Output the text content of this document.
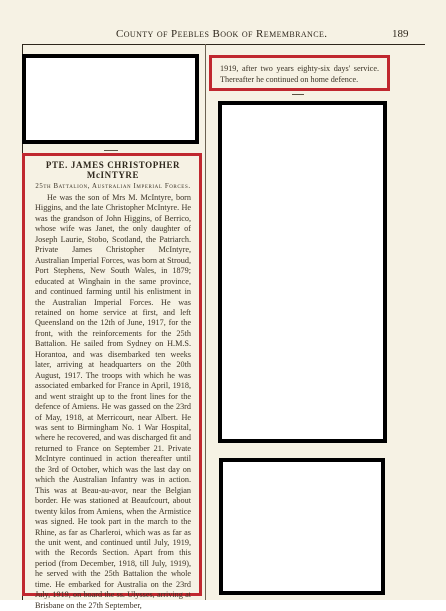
County of Peebles Book of Remembrance.	189
PTE. JAMES CHRISTOPHER McINTYRE
25th Battalion, Australian Imperial Forces.

He was the son of Mrs M. McIntyre, born Higgins, and the late Christopher McIntyre. He was the grandson of John Higgins, of Berrico, whose wife was Janet, the only daughter of Joseph Laurie, Stobo, Scotland, the Patriarch. Private James Christopher McIntyre, Australian Imperial Forces, was born at Stroud, Port Stephens, New South Wales, in 1879; educated at Winghain in the same province, and continued farming until his enlistment in the Australian Imperial Forces. He was retained on home service at first, and left Queensland on the 12th of June, 1917, for the front, with the reinforcements for the 25th Battalion. He sailed from Sydney on H.M.S. Horantoa, and was disembarked ten weeks later, arriving at headquarters on the 20th August, 1917. The troops with which he was associated embarked for France in April, 1918, and went straight up to the front lines for the defence of Amiens. He was gassed on the 23rd of May, 1918, at Merricourt, near Albert. He was sent to Birmingham No. 1 War Hospital, where he recovered, and was discharged fit and returned to France on September 21. Private McIntyre continued in action thereafter until the 3rd of October, which was the last day on which the Australian Infantry was in action. This was at Beau-au-avor, near the Belgian border. He was stationed at Beaufcourt, about twenty kilos from Amiens, when the Armistice was signed. He took part in the march to the Rhine, as far as Charleroi, which was as far as the unit went, and continued until July, 1919, with the Records Section. Apart from this period (from December, 1918, till July, 1919), he served with the 25th Battalion the whole time. He embarked for Australia on the 23rd July, 1919, on board the ss. Ulysses, arriving at Brisbane on the 27th September,

1919, after two years eighty-six days' service. Thereafter he continued on home defence.
